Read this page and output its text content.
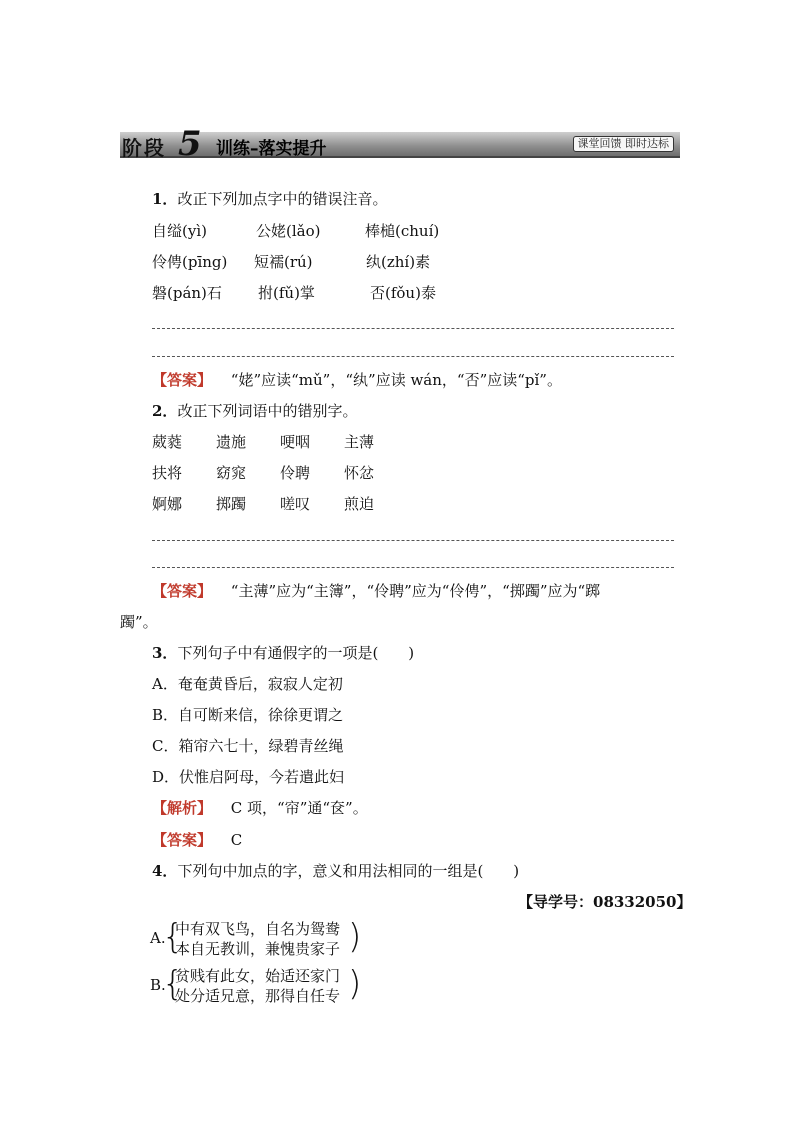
阶段 5 训练–落实提升	课堂回馈 即时达标
1．改正下列加点字中的错误注音。
自缢(yì)	公姥(lǎo)	棒槌(chuí)
伶俜(pīng) 短襦(rú)	纨(zhí)素
磐(pán)石 拊(fǔ)掌	否(fǒu)泰
【答案】 “姥”应读“mǔ”，“纨”应读 wán，“否”应读“pǐ”。
2．改正下列词语中的错别字。
葳蕤 遗施 哽咽 主薄
扶将 窈窕 伶聘 怀忿
婀娜 掷躅 嗟叹 煎迫
【答案】 “主薄”应为“主簿”，“伶聘”应为“伶俜”，“掷躅”应为“踯
躅”。
3．下列句子中有通假字的一项是(　　)
A．奄奄黄昏后，寂寂人定初
B．自可断来信，徐徐更谓之
C．箱帘六七十，绿碧青丝绳
D．伏惟启阿母，今若遣此妇
【解析】 C 项，“帘”通“奁”。
【答案】 C
4．下列句中加点的字，意义和用法相同的一组是(　　)
【导学号：08332050】
A.
{
中有双飞鸟，自名为鸳鸯
本自无教训，兼愧贵家子 )
B.
{
贫贱有此女，始适还家门
处分适兄意，那得自任专 )
